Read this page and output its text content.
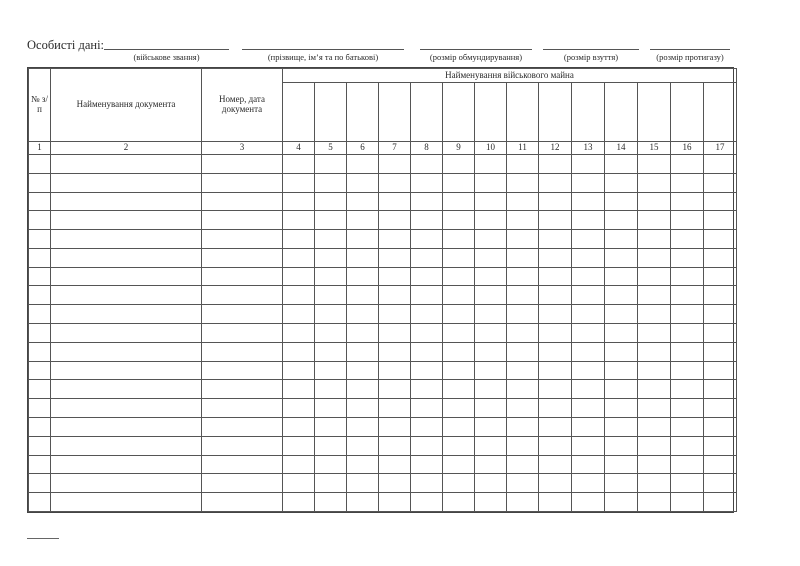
Особисті дані:
(військове звання)	(прізвище, ім’я та по батькові)	(розмір обмундирування)	(розмір взуття)	(розмір протигазу)
№ з/п	Найменування документа	Номер, дата документа	Найменування військового майна													

1	2	3	4	5	6	7	8	9	10	11	12	13	14	15	16	17
